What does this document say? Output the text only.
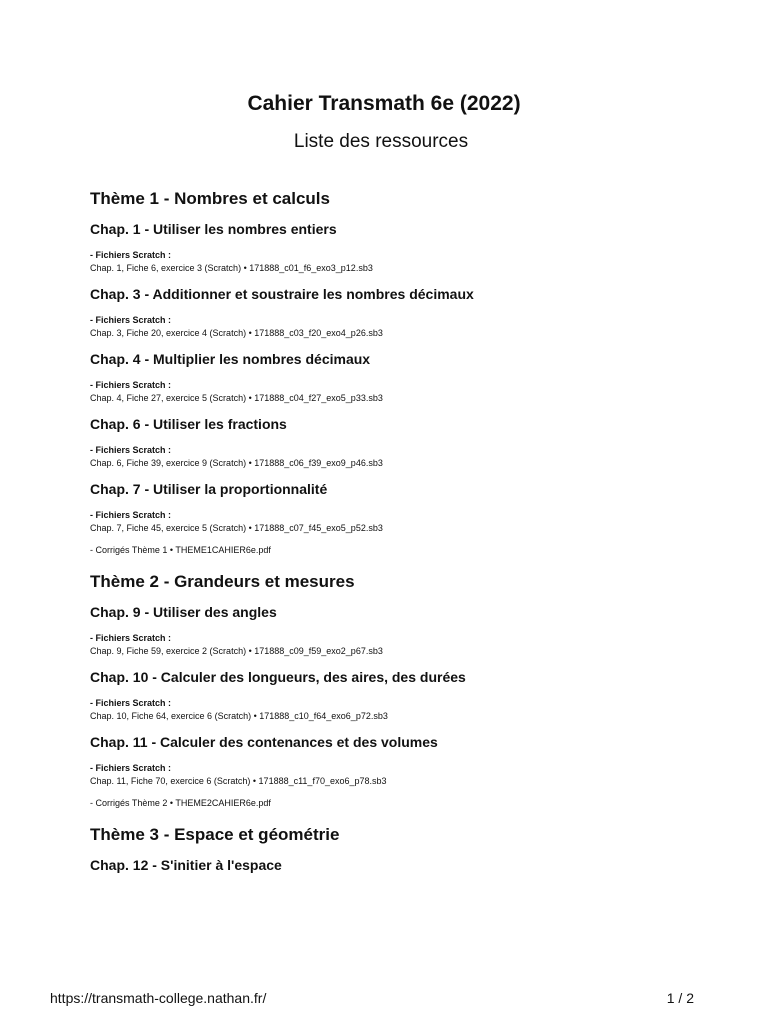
Cahier Transmath 6e (2022)
Liste des ressources
Thème 1 - Nombres et calculs
Chap. 1 - Utiliser les nombres entiers
- Fichiers Scratch :
Chap. 1, Fiche 6, exercice 3 (Scratch) • 171888_c01_f6_exo3_p12.sb3
Chap. 3 - Additionner et soustraire les nombres décimaux
- Fichiers Scratch :
Chap. 3, Fiche 20, exercice 4 (Scratch) • 171888_c03_f20_exo4_p26.sb3
Chap. 4 - Multiplier les nombres décimaux
- Fichiers Scratch :
Chap. 4, Fiche 27, exercice 5 (Scratch) • 171888_c04_f27_exo5_p33.sb3
Chap. 6 - Utiliser les fractions
- Fichiers Scratch :
Chap. 6, Fiche 39, exercice 9 (Scratch) • 171888_c06_f39_exo9_p46.sb3
Chap. 7 - Utiliser la proportionnalité
- Fichiers Scratch :
Chap. 7, Fiche 45, exercice 5 (Scratch) • 171888_c07_f45_exo5_p52.sb3
- Corrigés Thème 1 • THEME1CAHIER6e.pdf
Thème 2 - Grandeurs et mesures
Chap. 9 - Utiliser des angles
- Fichiers Scratch :
Chap. 9, Fiche 59, exercice 2 (Scratch) • 171888_c09_f59_exo2_p67.sb3
Chap. 10 - Calculer des longueurs, des aires, des durées
- Fichiers Scratch :
Chap. 10, Fiche 64, exercice 6 (Scratch) • 171888_c10_f64_exo6_p72.sb3
Chap. 11 - Calculer des contenances et des volumes
- Fichiers Scratch :
Chap. 11, Fiche 70, exercice 6 (Scratch) • 171888_c11_f70_exo6_p78.sb3
- Corrigés Thème 2 • THEME2CAHIER6e.pdf
Thème 3 - Espace et géométrie
Chap. 12 - S'initier à l'espace
https://transmath-college.nathan.fr/	1 / 2
